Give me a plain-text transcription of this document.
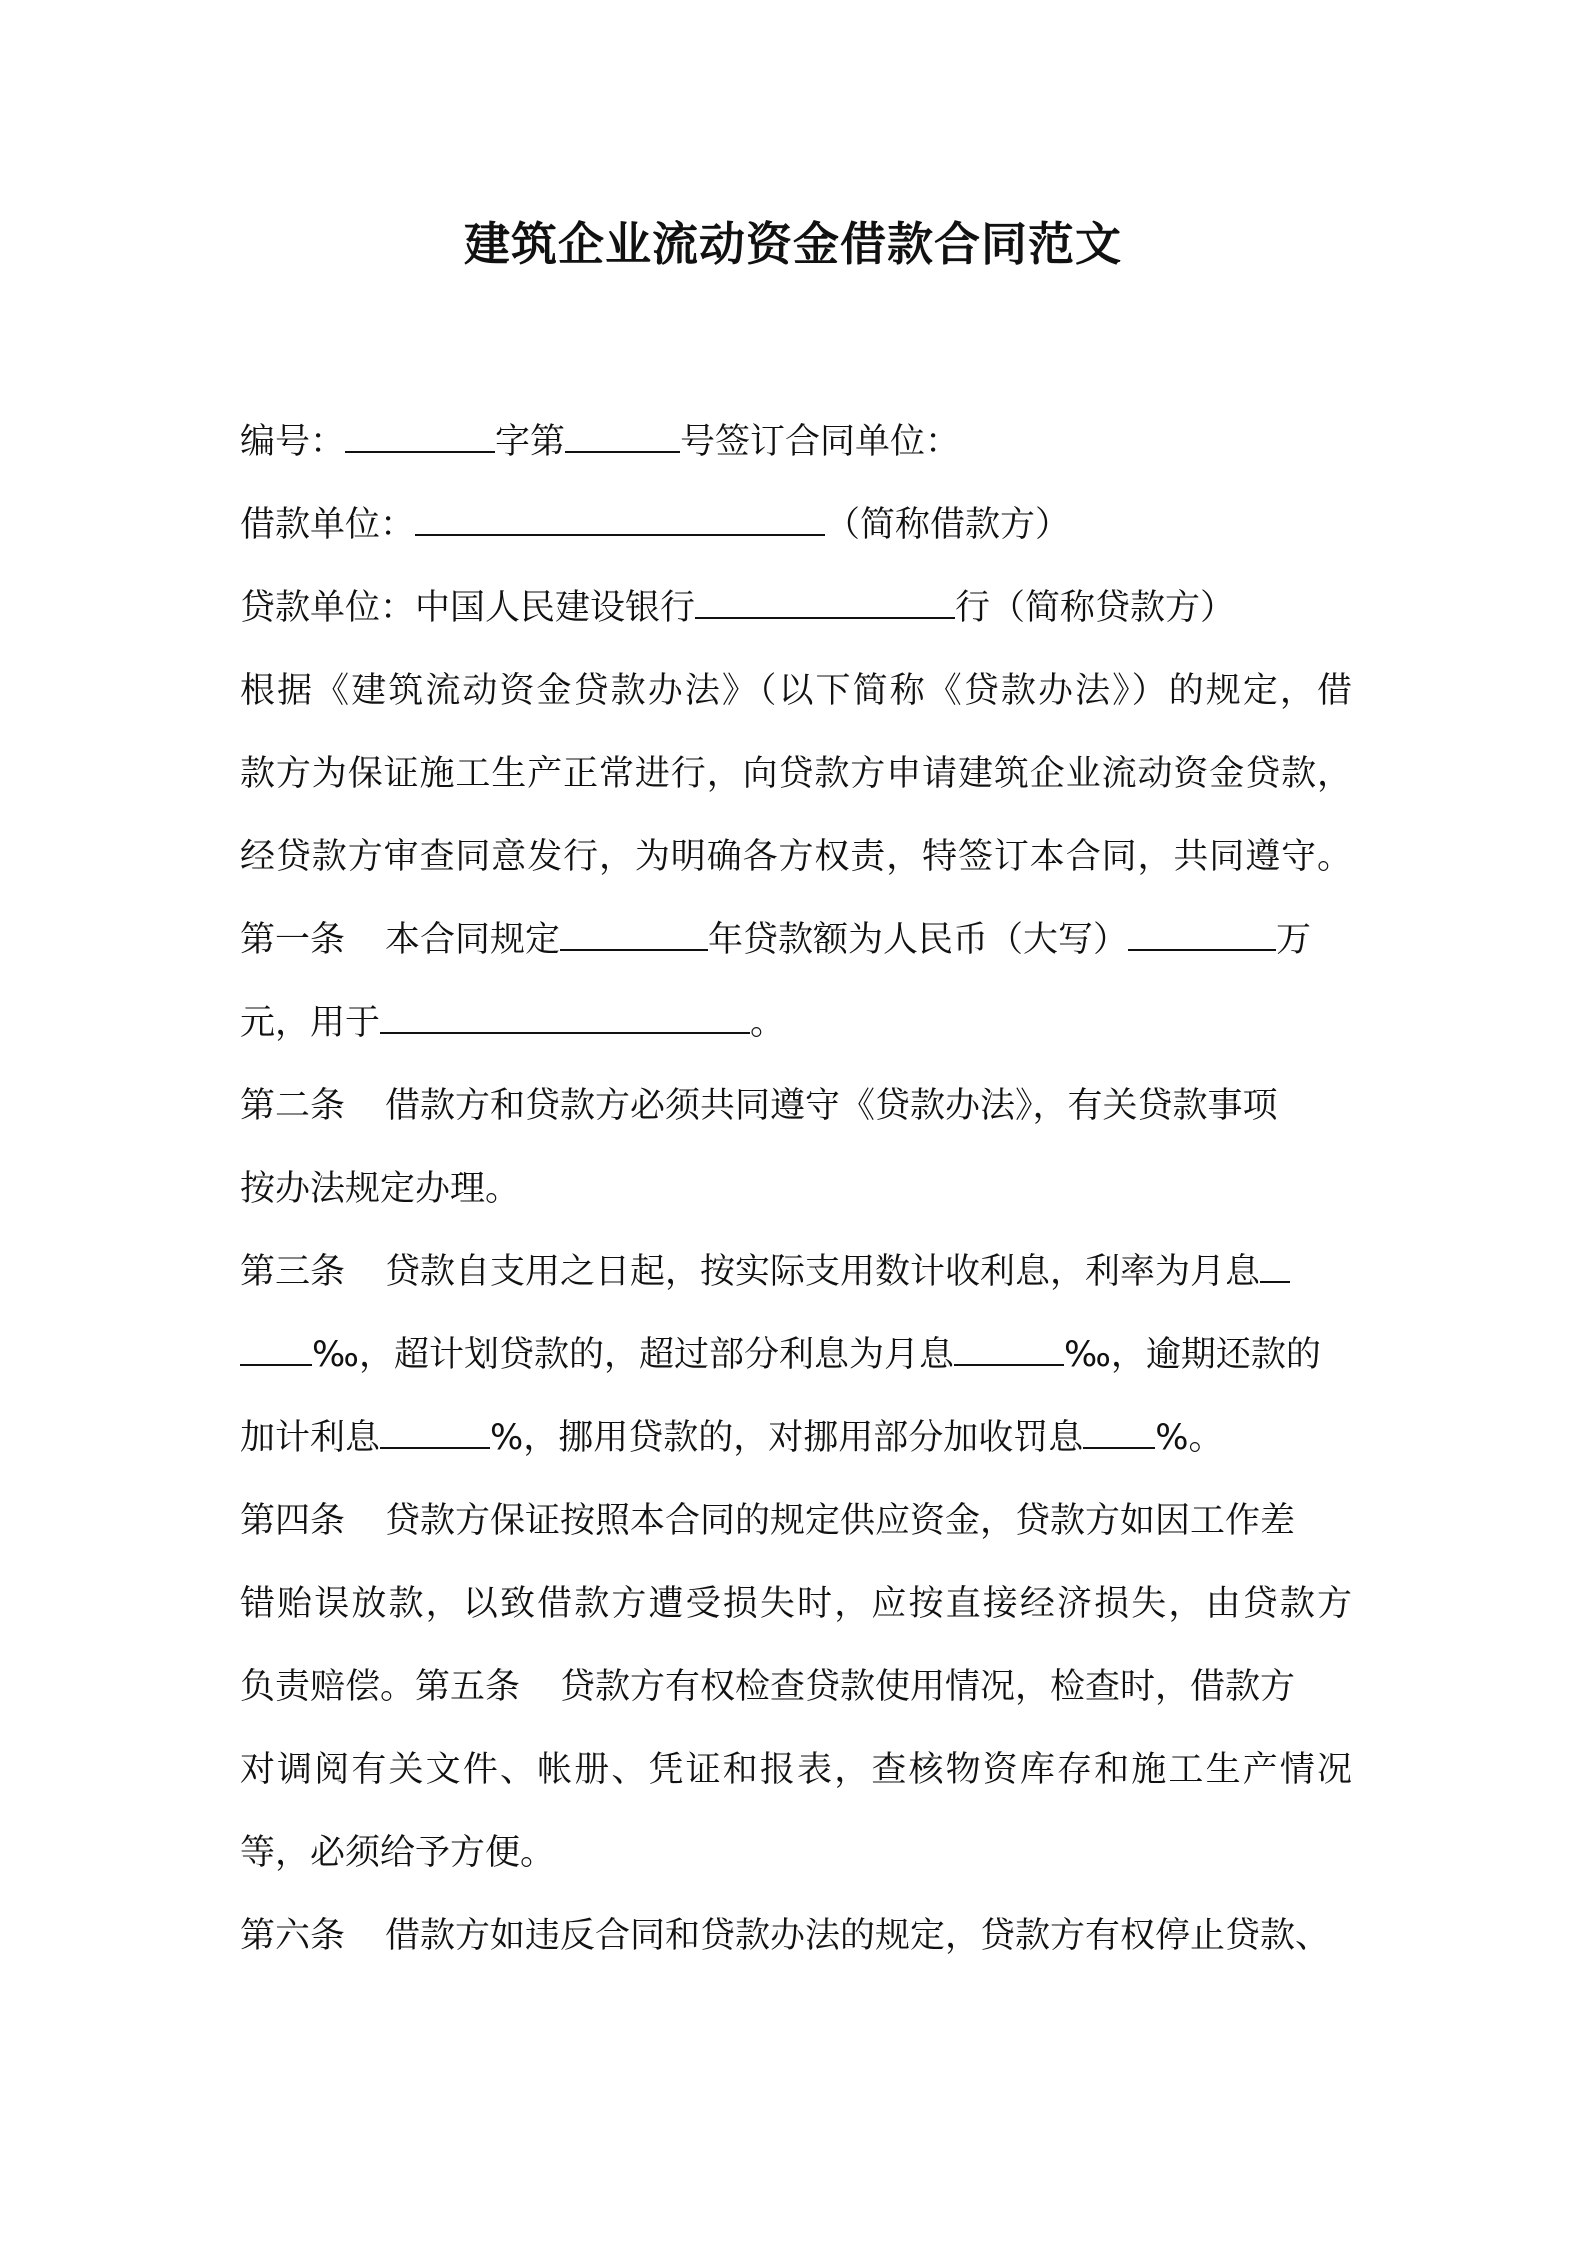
建筑企业流动资金借款合同范文
编号：	字第	号签订合同单位：
借款单位：	（简称借款方）
贷款单位：中国人民建设银行	行（简称贷款方）
根据《建筑流动资金贷款办法》（以下简称《贷款办法》）的规定，借
款方为保证施工生产正常进行，向贷款方申请建筑企业流动资金贷款，
经贷款方审查同意发行，为明确各方权责，特签订本合同，共同遵守。
第一条 本合同规定	年贷款额为人民币（大写）	万
元，用于	。
第二条 借款方和贷款方必须共同遵守《贷款办法》，有关贷款事项
按办法规定办理。
第三条 贷款自支用之日起，按实际支用数计收利息，利率为月息
‰，超计划贷款的，超过部分利息为月息	‰，逾期还款的
加计利息	%，挪用贷款的，对挪用部分加收罚息 %。
第四条 贷款方保证按照本合同的规定供应资金，贷款方如因工作差
错贻误放款，以致借款方遭受损失时，应按直接经济损失，由贷款方
负责赔偿。第五条 贷款方有权检查贷款使用情况，检查时，借款方
对调阅有关文件、帐册、凭证和报表，查核物资库存和施工生产情况
等，必须给予方便。
第六条 借款方如违反合同和贷款办法的规定，贷款方有权停止贷款、
